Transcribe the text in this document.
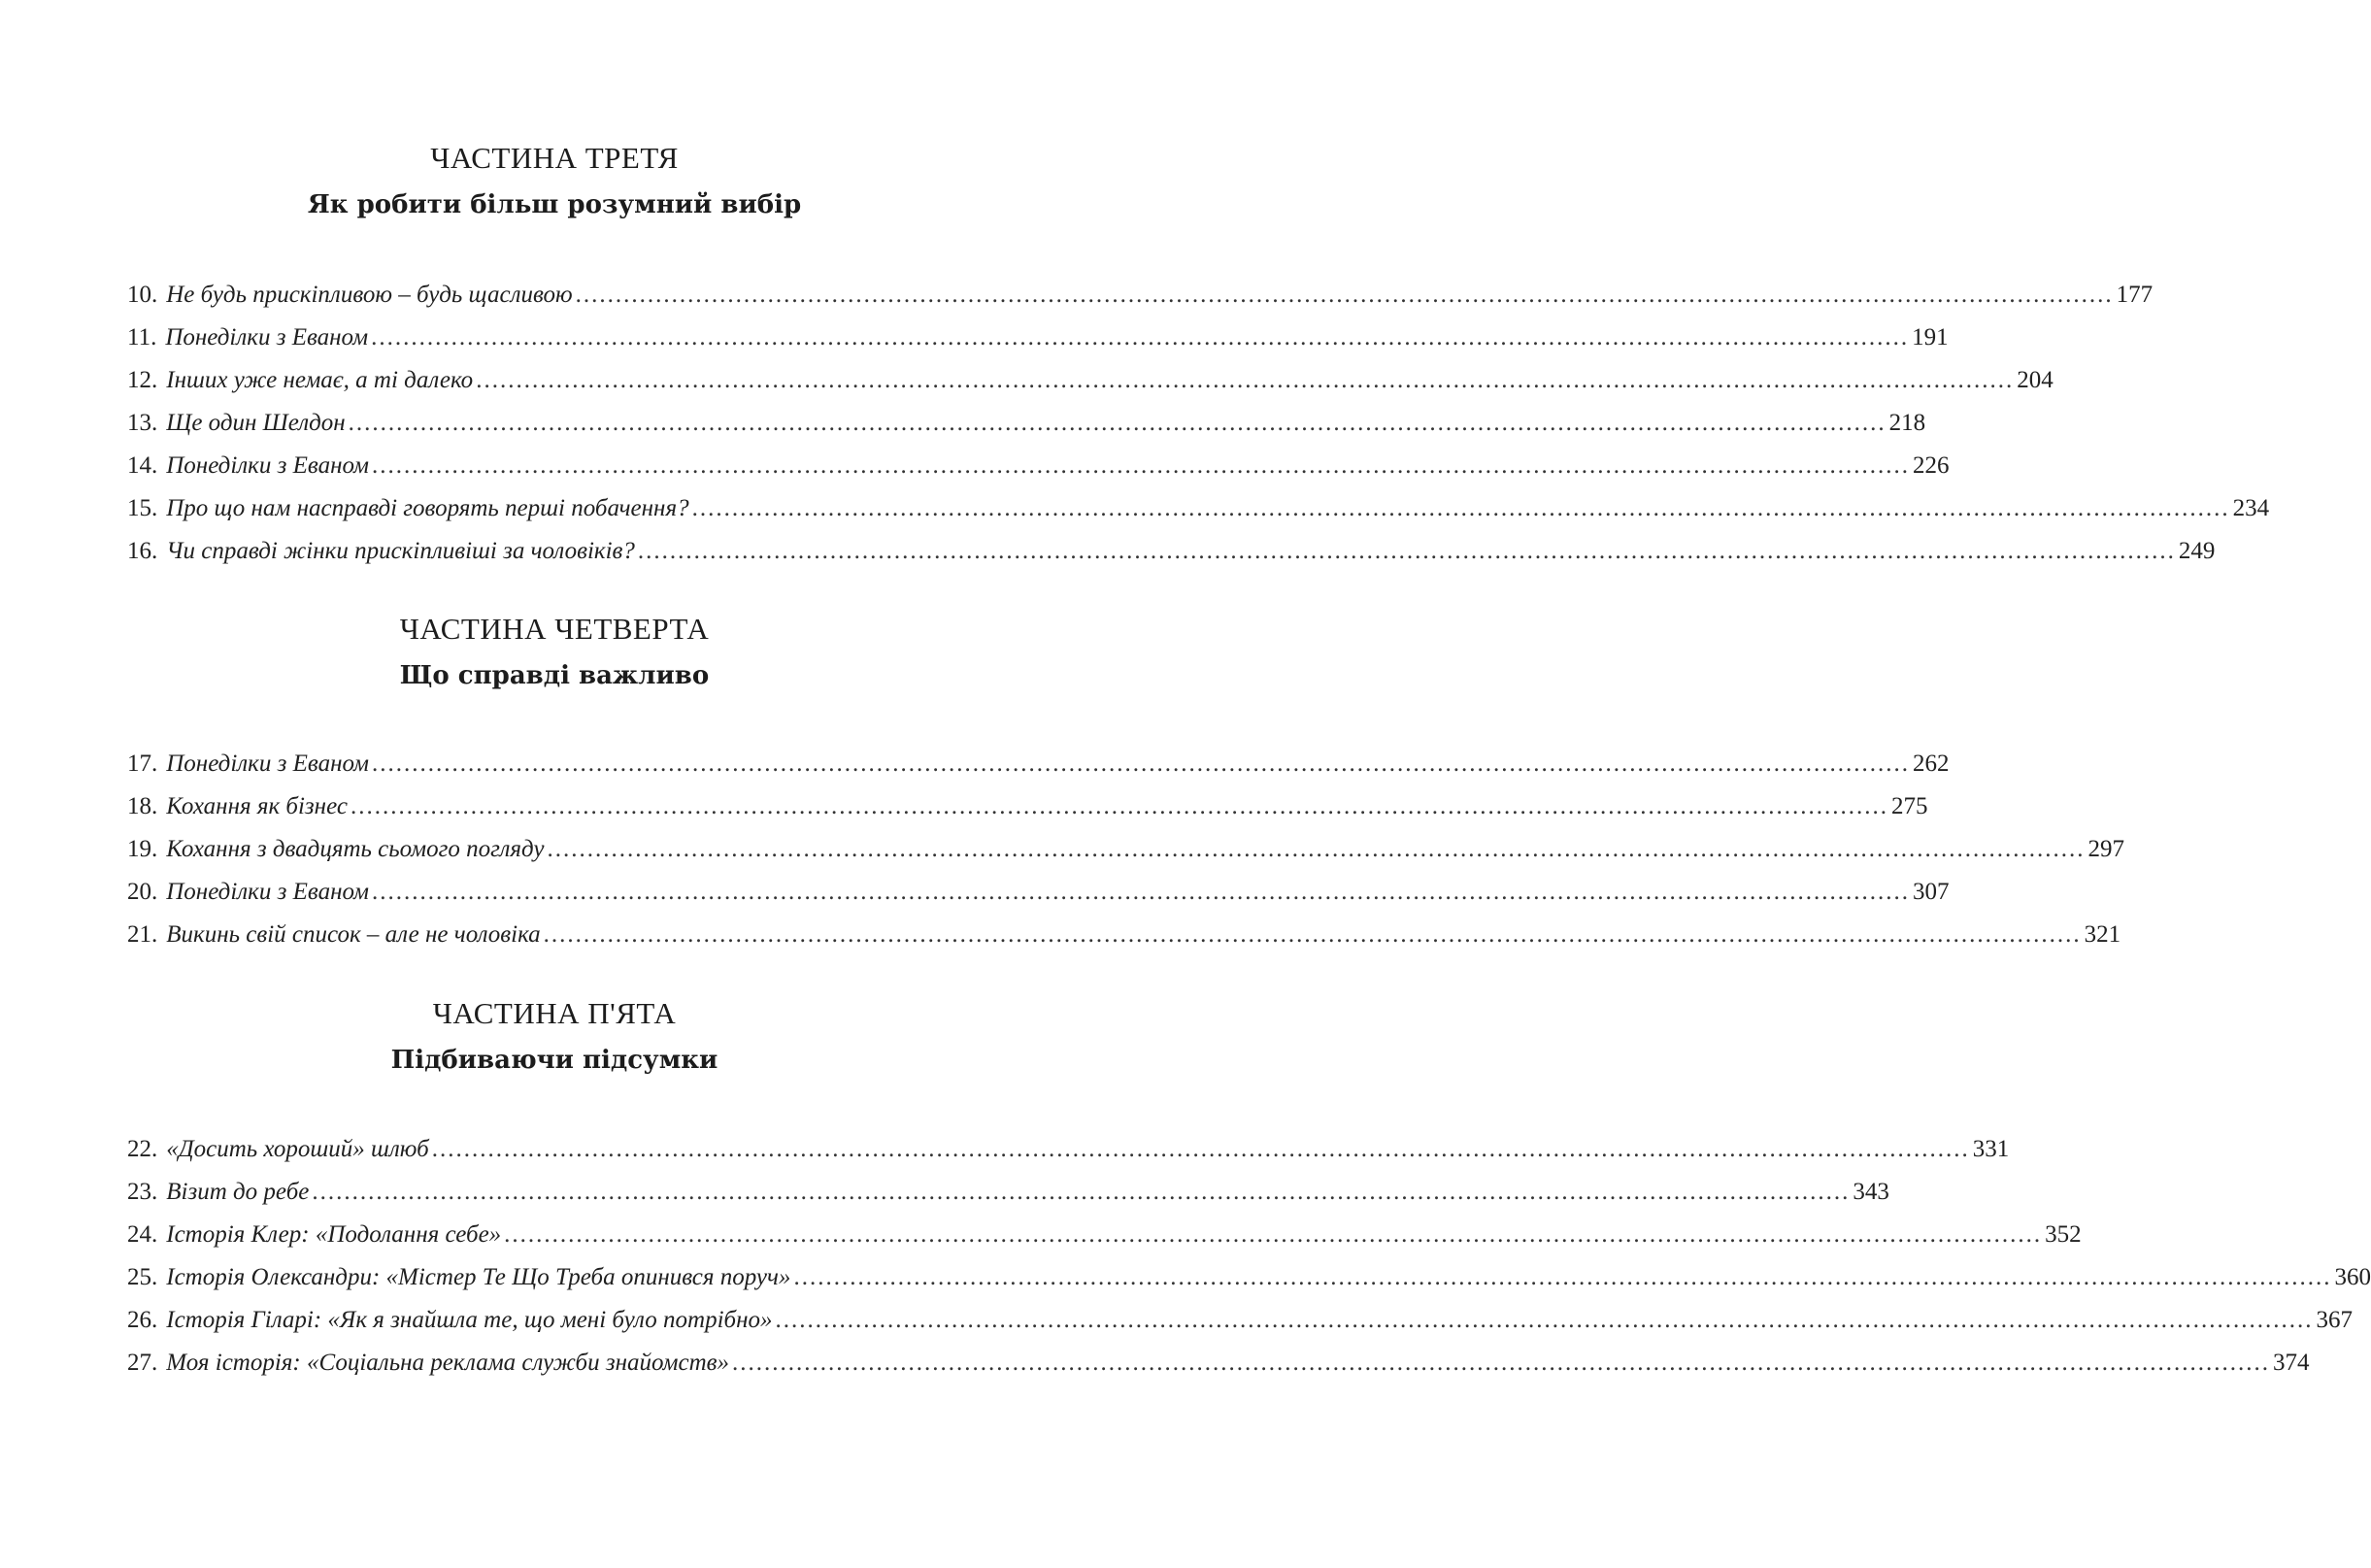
ЧАСТИНА ТРЕТЯ
Як робити більш розумний вибір
10. Не будь прискіпливою – будь щасливою .....	177
11. Понеділки з Еваном .....	191
12. Інших уже немає, а ті далеко .....	204
13. Ще один Шелдон .....	218
14. Понеділки з Еваном .....	226
15. Про що нам насправді говорять перші побачення? .....	234
16. Чи справді жінки прискіпливіші за чоловіків? .....	249
ЧАСТИНА ЧЕТВЕРТА
Що справді важливо
17. Понеділки з Еваном .....	262
18. Кохання як бізнес .....	275
19. Кохання з двадцять сьомого погляду .....	297
20. Понеділки з Еваном .....	307
21. Викинь свій список – але не чоловіка .....	321
ЧАСТИНА П'ЯТА
Підбиваючи підсумки
22. «Досить хороший» шлюб .....	331
23. Візит до ребе .....	343
24. Історія Клер: «Подолання себе» .....	352
25. Історія Олександри: «Містер Те Що Треба опинився поруч» .....	360
26. Історія Гіларі: «Як я знайшла те, що мені було потрібно» .....	367
27. Моя історія: «Соціальна реклама служби знайомств» .....	374
